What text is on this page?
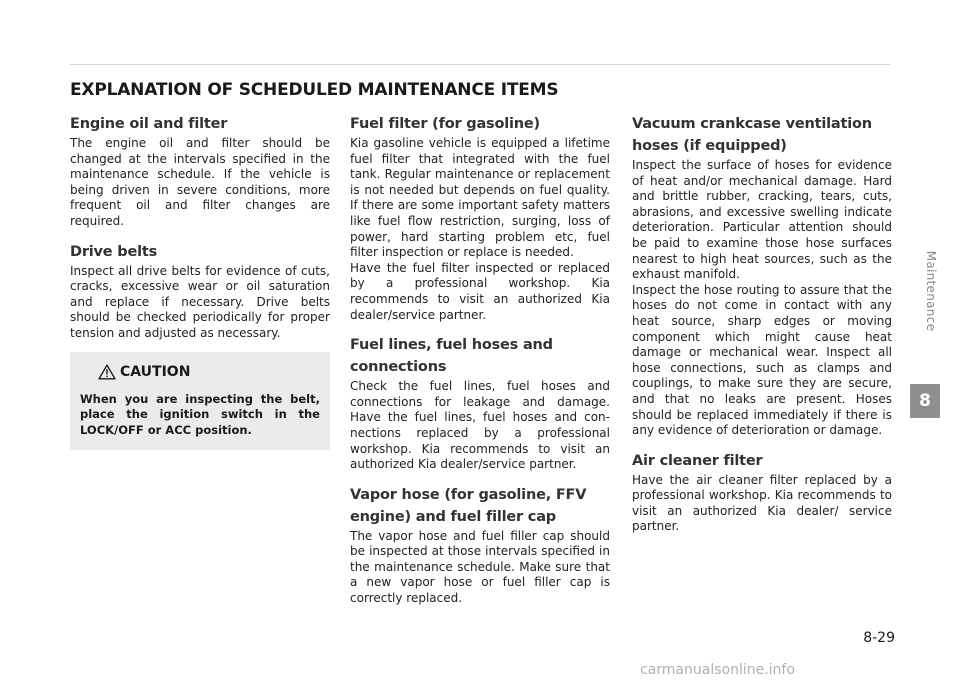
EXPLANATION OF SCHEDULED MAINTENANCE ITEMS
Engine oil and filter

The engine oil and filter should be changed at the intervals specified in the maintenance schedule. If the vehicle is being driven in severe conditions, more frequent oil and filter changes are required.

Drive belts

Inspect all drive belts for evidence of cuts, cracks, excessive wear or oil saturation and replace if necessary. Drive belts should be checked periodically for proper tension and adjusted as necessary.

CAUTION

When you are inspecting the belt, place the ignition switch in the LOCK/OFF or ACC position.

Fuel filter (for gasoline)

Kia gasoline vehicle is equipped a lifetime fuel filter that integrated with the fuel tank. Regular maintenance or replacement is not needed but depends on fuel quality. If there are some important safety matters like fuel flow restriction, surging, loss of power, hard starting problem etc, fuel filter inspection or replace is needed.

Have the fuel filter inspected or replaced by a professional workshop. Kia recommends to visit an authorized Kia dealer/service partner.

Fuel lines, fuel hoses and connections

Check the fuel lines, fuel hoses and connections for leakage and damage. Have the fuel lines, fuel hoses and connections replaced by a professional workshop. Kia recommends to visit an authorized Kia dealer/service partner.

Vapor hose (for gasoline, FFV engine) and fuel filler cap

The vapor hose and fuel filler cap should be inspected at those intervals specified in the maintenance schedule. Make sure that a new vapor hose or fuel filler cap is correctly replaced.

Vacuum crankcase ventilation hoses (if equipped)

Inspect the surface of hoses for evidence of heat and/or mechanical damage. Hard and brittle rubber, cracking, tears, cuts, abrasions, and excessive swelling indicate deterioration. Particular attention should be paid to examine those hose surfaces nearest to high heat sources, such as the exhaust manifold.

Inspect the hose routing to assure that the hoses do not come in contact with any heat source, sharp edges or moving component which might cause heat damage or mechanical wear. Inspect all hose connections, such as clamps and couplings, to make sure they are secure, and that no leaks are present. Hoses should be replaced immediately if there is any evidence of deterioration or damage.

Air cleaner filter

Have the air cleaner filter replaced by a professional workshop. Kia recommends to visit an authorized Kia dealer/ service partner.

Maintenance
8
8-29
carmanualsonline.info
